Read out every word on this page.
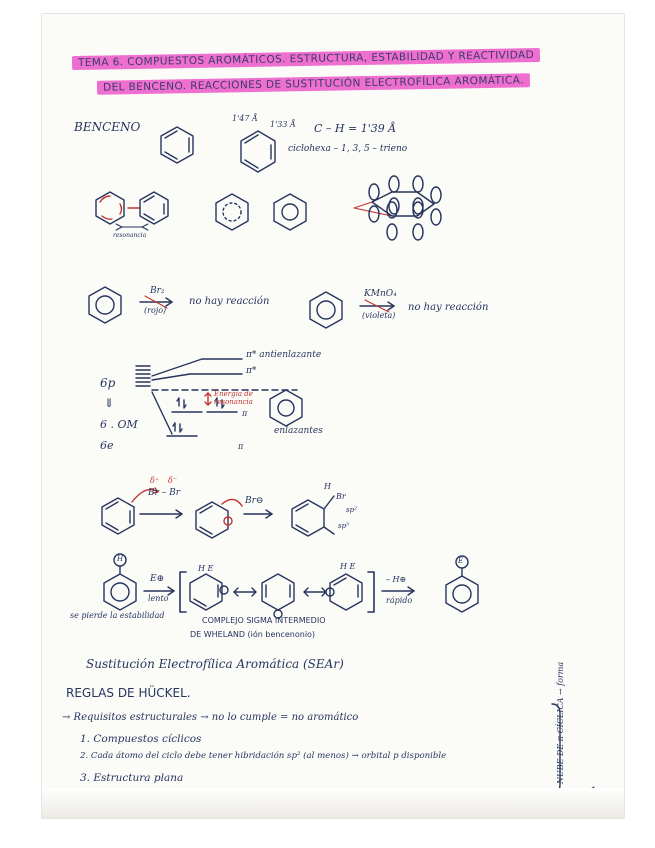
TEMA 6. COMPUESTOS AROMÁTICOS. ESTRUCTURA, ESTABILIDAD Y REACTIVIDAD
DEL BENCENO. REACCIONES DE SUSTITUCIÓN ELECTROFÍLICA AROMÁTICA.
BENCENO
1'47 Å
1'33 Å C – H = 1'39 Å
ciclohexa – 1, 3, 5 – trieno
resonancia
Br₂
(rojo)
no hay reacción
KMnO₄
(violeta)
no hay reacción
π* antienlazante
π*
Energía de resonancia
π
enlazantes
π
6p
⇓
6 . OM
6e
δ⁺ δ⁻
Br – Br
Br⊖
H
Br
sp²
sp³
H
E⊕
lento
H E	H E
– H⊕
rápido
E
se pierde la estabilidad
COMPLEJO SIGMA INTERMEDIO
DE WHELAND (ión bencenonio)
Sustitución Electrofílica Aromática (SEAr)
REGLAS DE HÜCKEL.
→ Requisitos estructurales → no lo cumple = no aromático
1. Compuestos cíclicos
2. Cada átomo del ciclo debe tener hibridación sp² (al menos) → orbital p disponible
3. Estructura plana	NUBE DE π CÍCLICA → forma
